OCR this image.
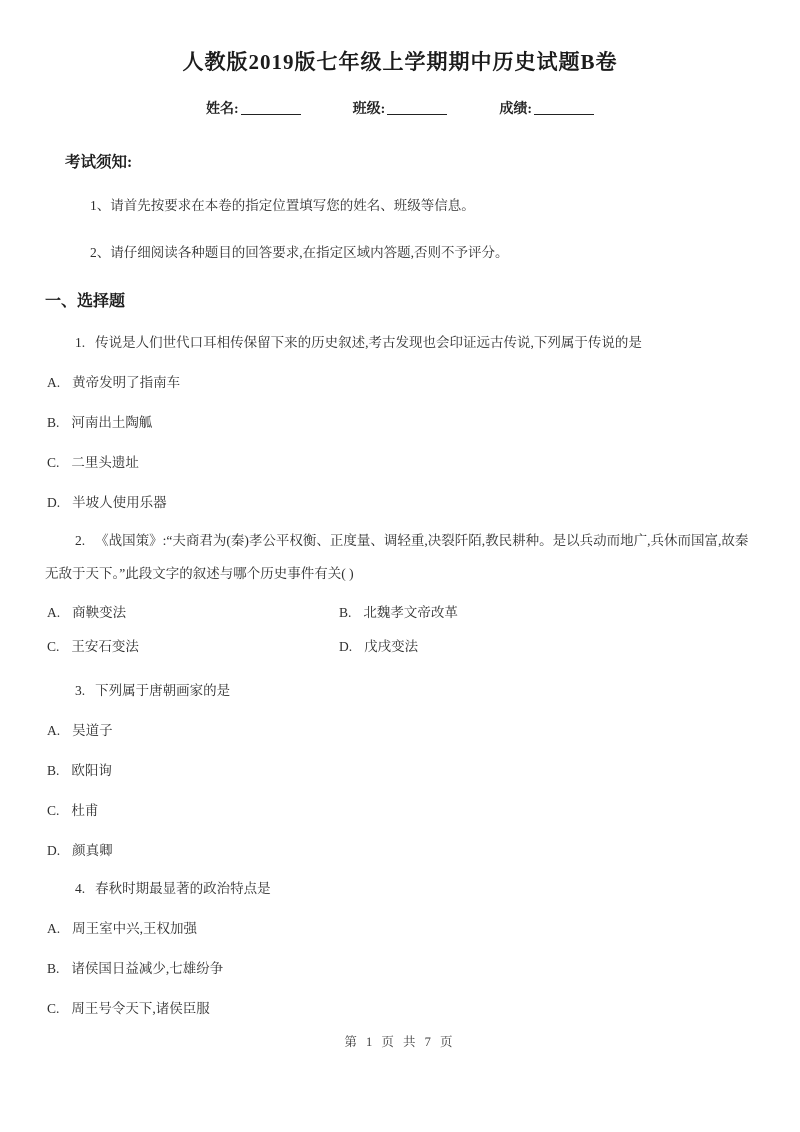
人教版2019版七年级上学期期中历史试题B卷
姓名:	班级:	成绩:
考试须知:

1、请首先按要求在本卷的指定位置填写您的姓名、班级等信息。

2、请仔细阅读各种题目的回答要求,在指定区域内答题,否则不予评分。

一、选择题

1. 传说是人们世代口耳相传保留下来的历史叙述,考古发现也会印证远古传说,下列属于传说的是

A. 黄帝发明了指南车

B. 河南出土陶觚

C. 二里头遗址

D. 半坡人使用乐器

2. 《战国策》:“夫商君为(秦)孝公平权衡、正度量、调轻重,决裂阡陌,教民耕种。是以兵动而地广,兵休而国富,故秦无敌于天下。”此段文字的叙述与哪个历史事件有关( )

A. 商鞅变法	B. 北魏孝文帝改革

C. 王安石变法	D. 戊戌变法

3. 下列属于唐朝画家的是

A. 吴道子

B. 欧阳询

C. 杜甫

D. 颜真卿

4. 春秋时期最显著的政治特点是

A. 周王室中兴,王权加强

B. 诸侯国日益减少,七雄纷争

C. 周王号令天下,诸侯臣服

第 1 页 共 7 页
